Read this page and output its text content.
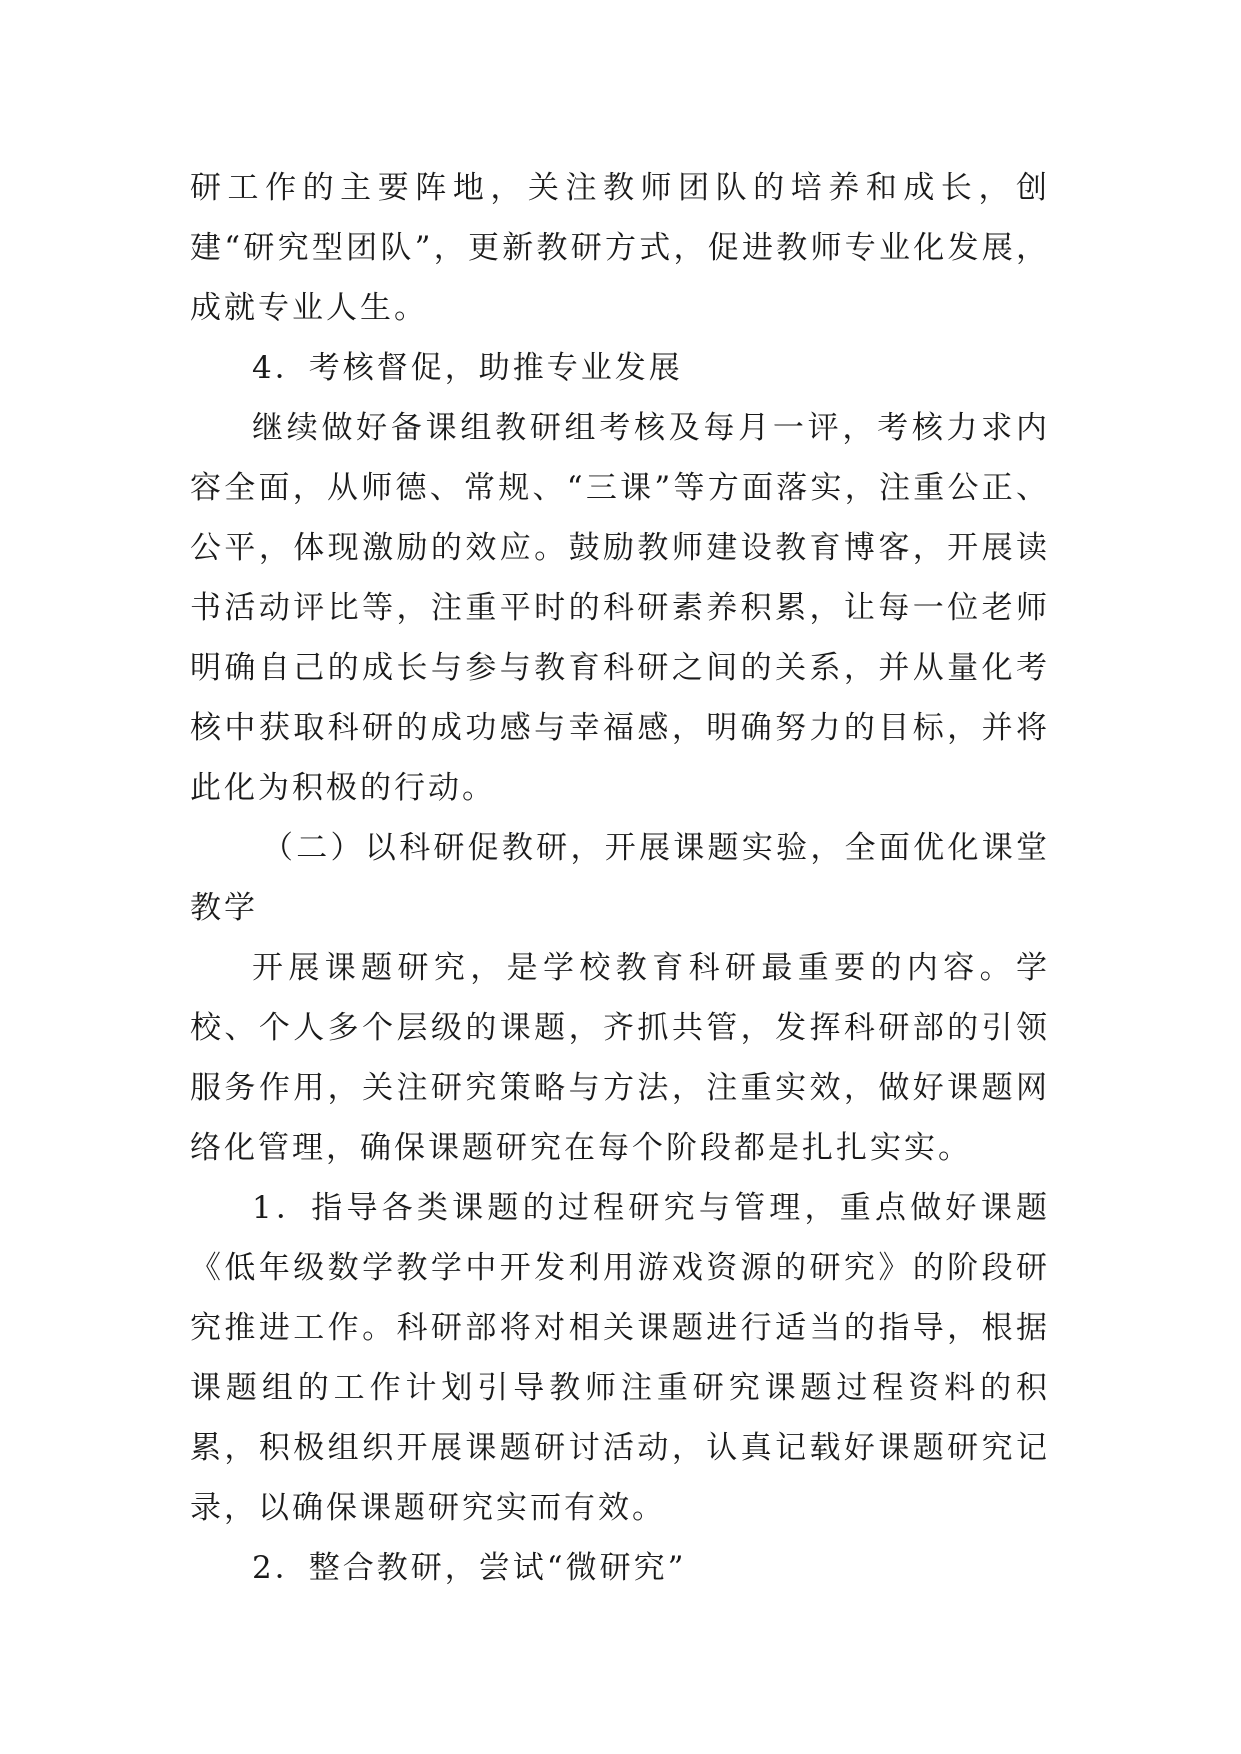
研工作的主要阵地，关注教师团队的培养和成长，创建“研究型团队”，更新教研方式，促进教师专业化发展，成就专业人生。

4．考核督促，助推专业发展

继续做好备课组教研组考核及每月一评，考核力求内容全面，从师德、常规、“三课”等方面落实，注重公正、公平，体现激励的效应。鼓励教师建设教育博客，开展读书活动评比等，注重平时的科研素养积累，让每一位老师明确自己的成长与参与教育科研之间的关系，并从量化考核中获取科研的成功感与幸福感，明确努力的目标，并将此化为积极的行动。

（二）以科研促教研，开展课题实验，全面优化课堂教学

开展课题研究，是学校教育科研最重要的内容。学校、个人多个层级的课题，齐抓共管，发挥科研部的引领服务作用，关注研究策略与方法，注重实效，做好课题网络化管理，确保课题研究在每个阶段都是扎扎实实。

1．指导各类课题的过程研究与管理，重点做好课题《低年级数学教学中开发利用游戏资源的研究》的阶段研究推进工作。科研部将对相关课题进行适当的指导，根据课题组的工作计划引导教师注重研究课题过程资料的积累，积极组织开展课题研讨活动，认真记载好课题研究记录，以确保课题研究实而有效。

2．整合教研，尝试“微研究”
